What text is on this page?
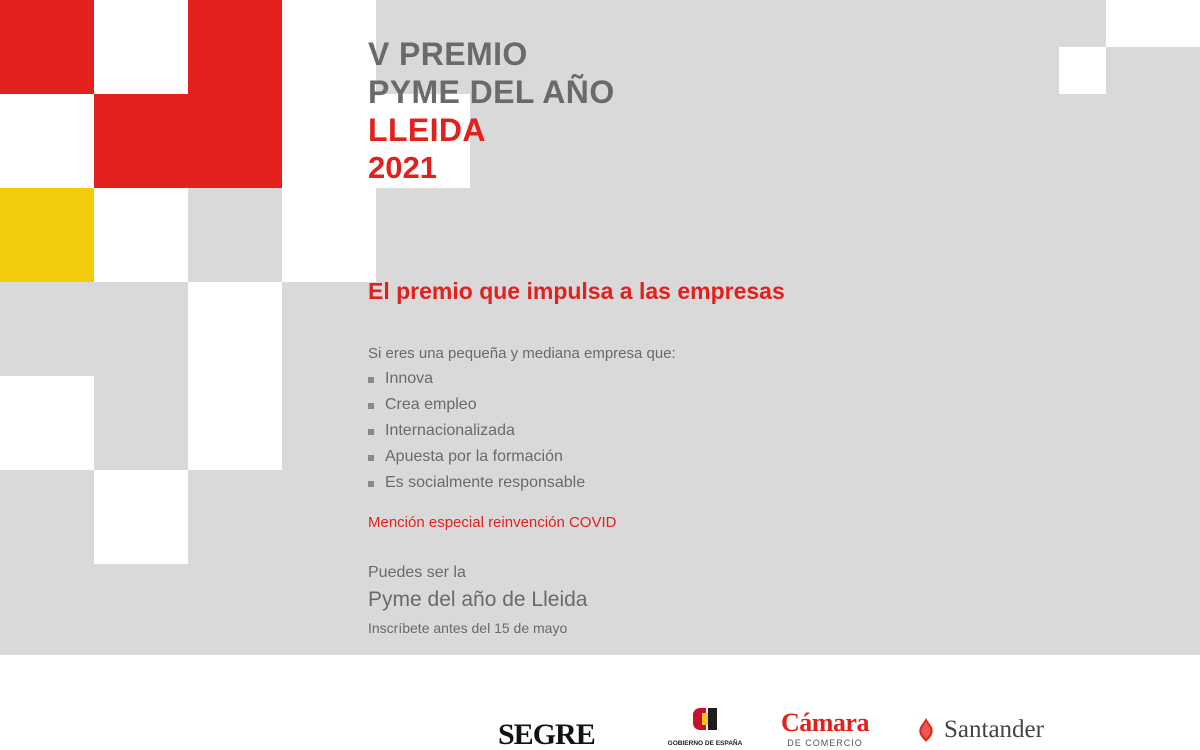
V PREMIO
PYME DEL AÑO
LLEIDA
2021
El premio que impulsa a las empresas
Si eres una pequeña y mediana empresa que:
Innova
Crea empleo
Internacionalizada
Apuesta por la formación
Es socialmente responsable
Mención especial reinvención COVID
Puedes ser la
Pyme del año de Lleida
Inscríbete antes del 15 de mayo
SEGRE	GOBIERNO DE ESPAÑA
Cámara
DE COMERCIO	Santander
